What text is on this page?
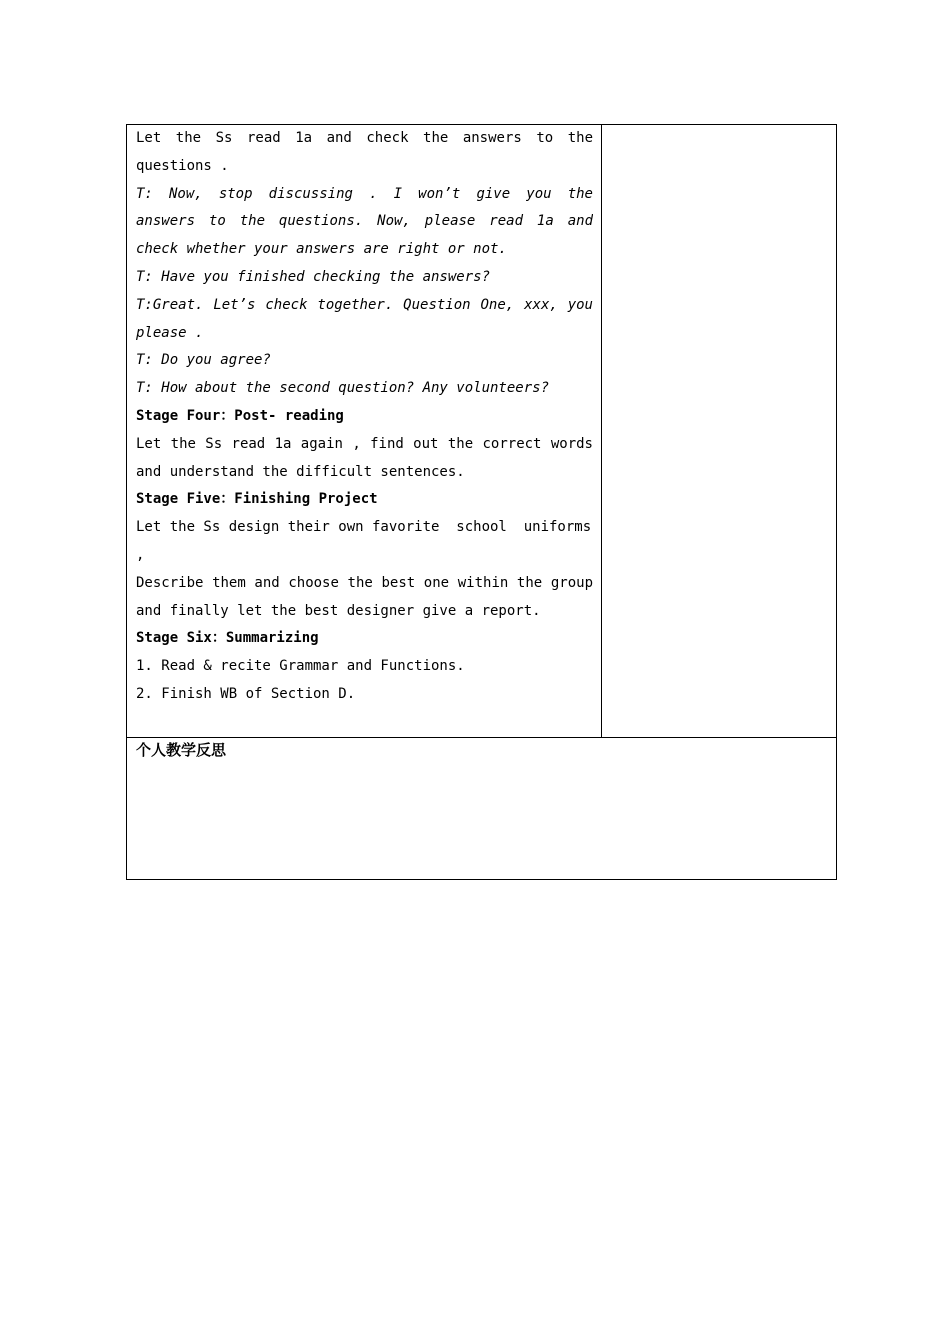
Let the Ss read 1a and check the answers to the
questions .
T: Now, stop discussing . I won’t give you the
answers to the questions. Now, please read 1a and
check whether your answers are right or not.
T: Have you finished checking the answers?
T:Great. Let’s check together. Question One, xxx, you
please .
T: Do you agree?
T: How about the second question? Any volunteers?
Stage Four：Post- reading
Let the Ss read 1a again , find out the correct words
and understand the difficult sentences.
Stage Five：Finishing Project
Let the Ss design their own favorite  school  uniforms
,
Describe them and choose the best one within the group
and finally let the best designer give a report.
Stage Six：Summarizing
1. Read & recite Grammar and Functions.
2. Finish WB of Section D.
个人教学反思
